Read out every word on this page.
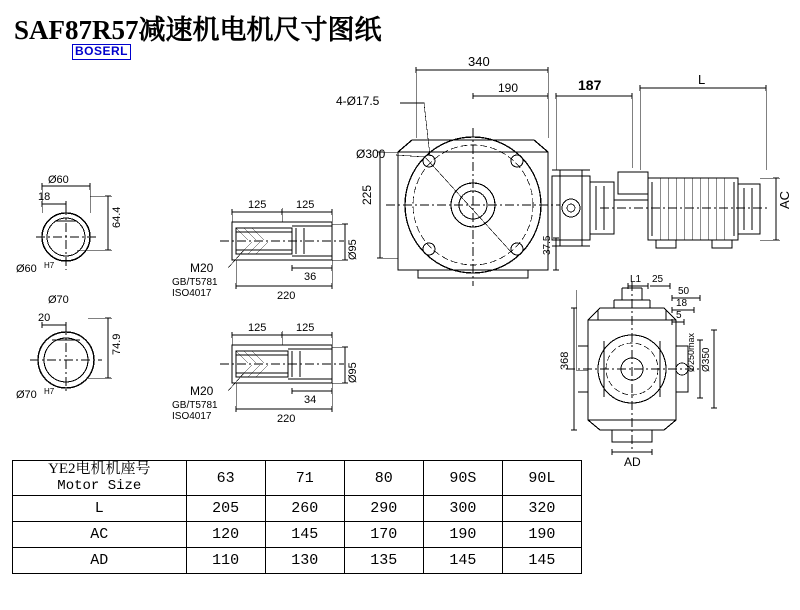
SAF87R57减速机电机尺寸图纸
BOSERL
Ø60
18
64.4
Ø60 H7
Ø70
20
74.9
Ø70 H7
125	125
36
220
Ø95
M20
GB/T5781
ISO4017
125	125
34
220
Ø95
M20
GB/T5781
ISO4017
340
190	187	L
4-Ø17.5
Ø300
225
37.5
AC
L1 25
50
18
5
368	Ø250max Ø350
AD
YE2电机机座号
Motor Size	63	71	80	90S	90L
L	205	260	290	300	320
AC	120	145	170	190	190
AD	110	130	135	145	145
